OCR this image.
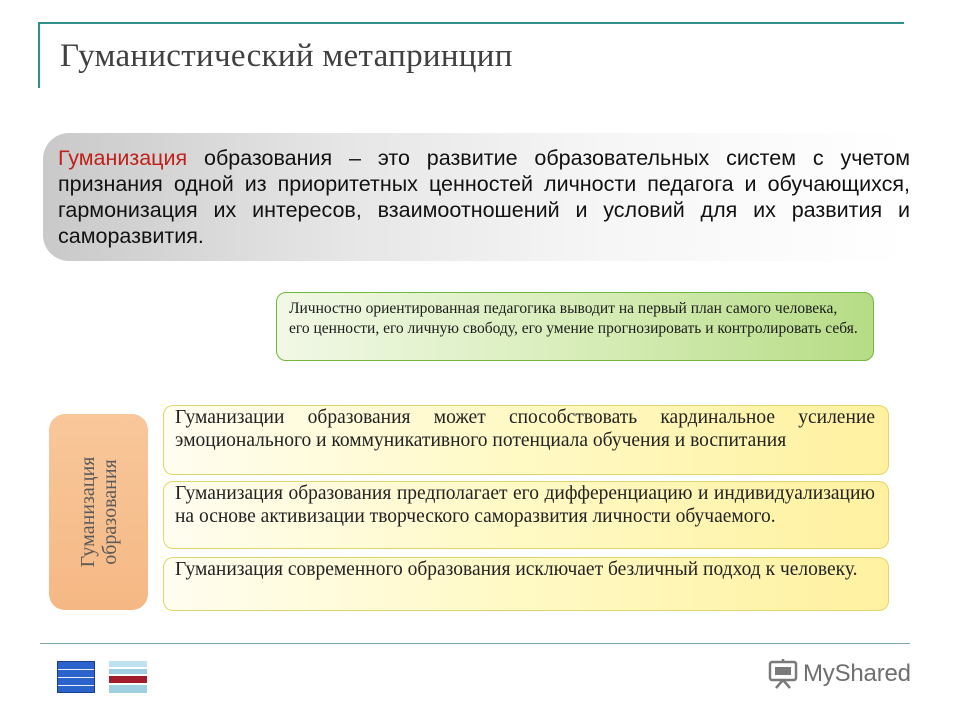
Гуманистический метапринцип
Гуманизация образования – это развитие образовательных систем с учетом признания одной из приоритетных ценностей личности педагога и обучающихся, гармонизация их интересов, взаимоотношений и условий для их развития и саморазвития.
Личностно ориентированная педагогика выводит на первый план самого человека, его ценности, его личную свободу, его умение прогнозировать и контролировать себя.
Гуманизация образования
Гуманизации образования может способствовать кардинальное усиление эмоционального и коммуникативного потенциала обучения и воспитания
Гуманизация образования предполагает его дифференциацию и индивидуализацию на основе активизации творческого саморазвития личности обучаемого.
Гуманизация современного образования исключает безличный подход к человеку.
MyShared
